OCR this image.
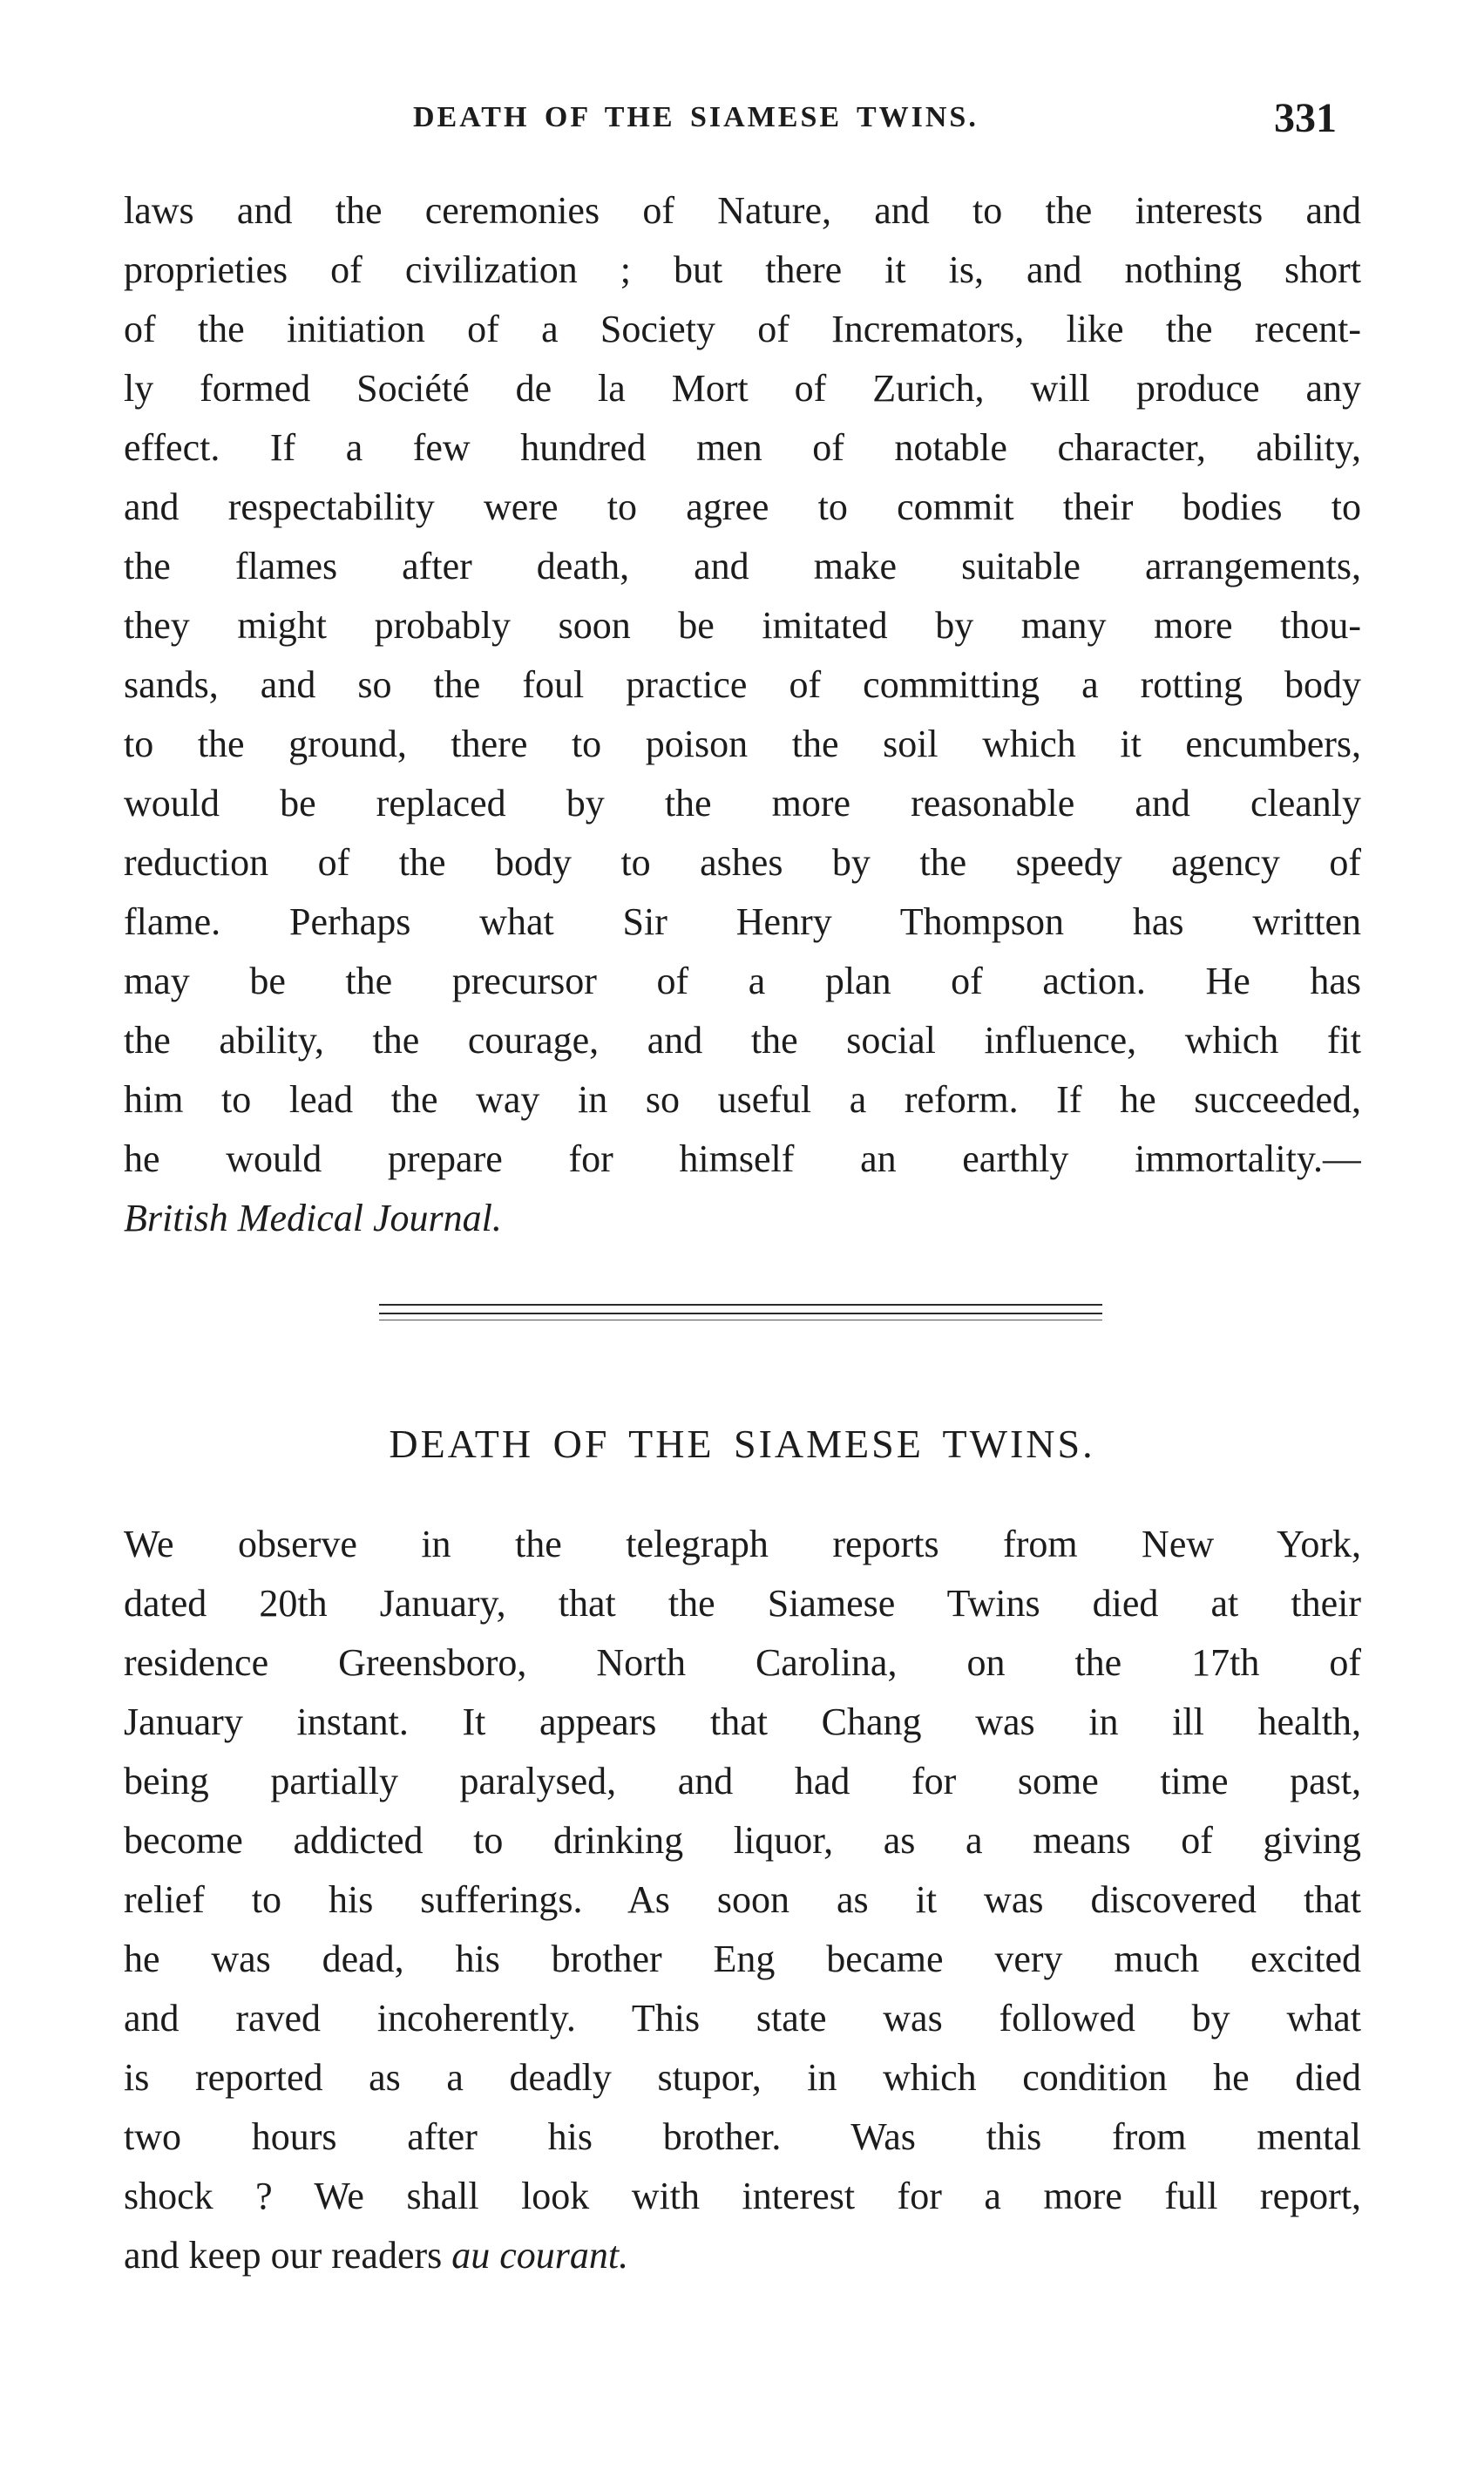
DEATH OF THE SIAMESE TWINS.	331
laws and the ceremonies of Nature, and to the interests and
proprieties of civilization ; but there it is, and nothing short
of the initiation of a Society of Incremators, like the recent-
ly formed Société de la Mort of Zurich, will produce any
effect. If a few hundred men of notable character, ability,
and respectability were to agree to commit their bodies to
the flames after death, and make suitable arrangements,
they might probably soon be imitated by many more thou-
sands, and so the foul practice of committing a rotting body
to the ground, there to poison the soil which it encumbers,
would be replaced by the more reasonable and cleanly
reduction of the body to ashes by the speedy agency of
flame. Perhaps what Sir Henry Thompson has written
may be the precursor of a plan of action. He has
the ability, the courage, and the social influence, which fit
him to lead the way in so useful a reform. If he succeeded,
he would prepare for himself an earthly immortality.—
British Medical Journal.
DEATH OF THE SIAMESE TWINS.
We observe in the telegraph reports from New York,
dated 20th January, that the Siamese Twins died at their
residence Greensboro, North Carolina, on the 17th of
January instant. It appears that Chang was in ill health,
being partially paralysed, and had for some time past,
become addicted to drinking liquor, as a means of giving
relief to his sufferings. As soon as it was discovered that
he was dead, his brother Eng became very much excited
and raved incoherently. This state was followed by what
is reported as a deadly stupor, in which condition he died
two hours after his brother. Was this from mental
shock ? We shall look with interest for a more full report,
and keep our readers au courant.
